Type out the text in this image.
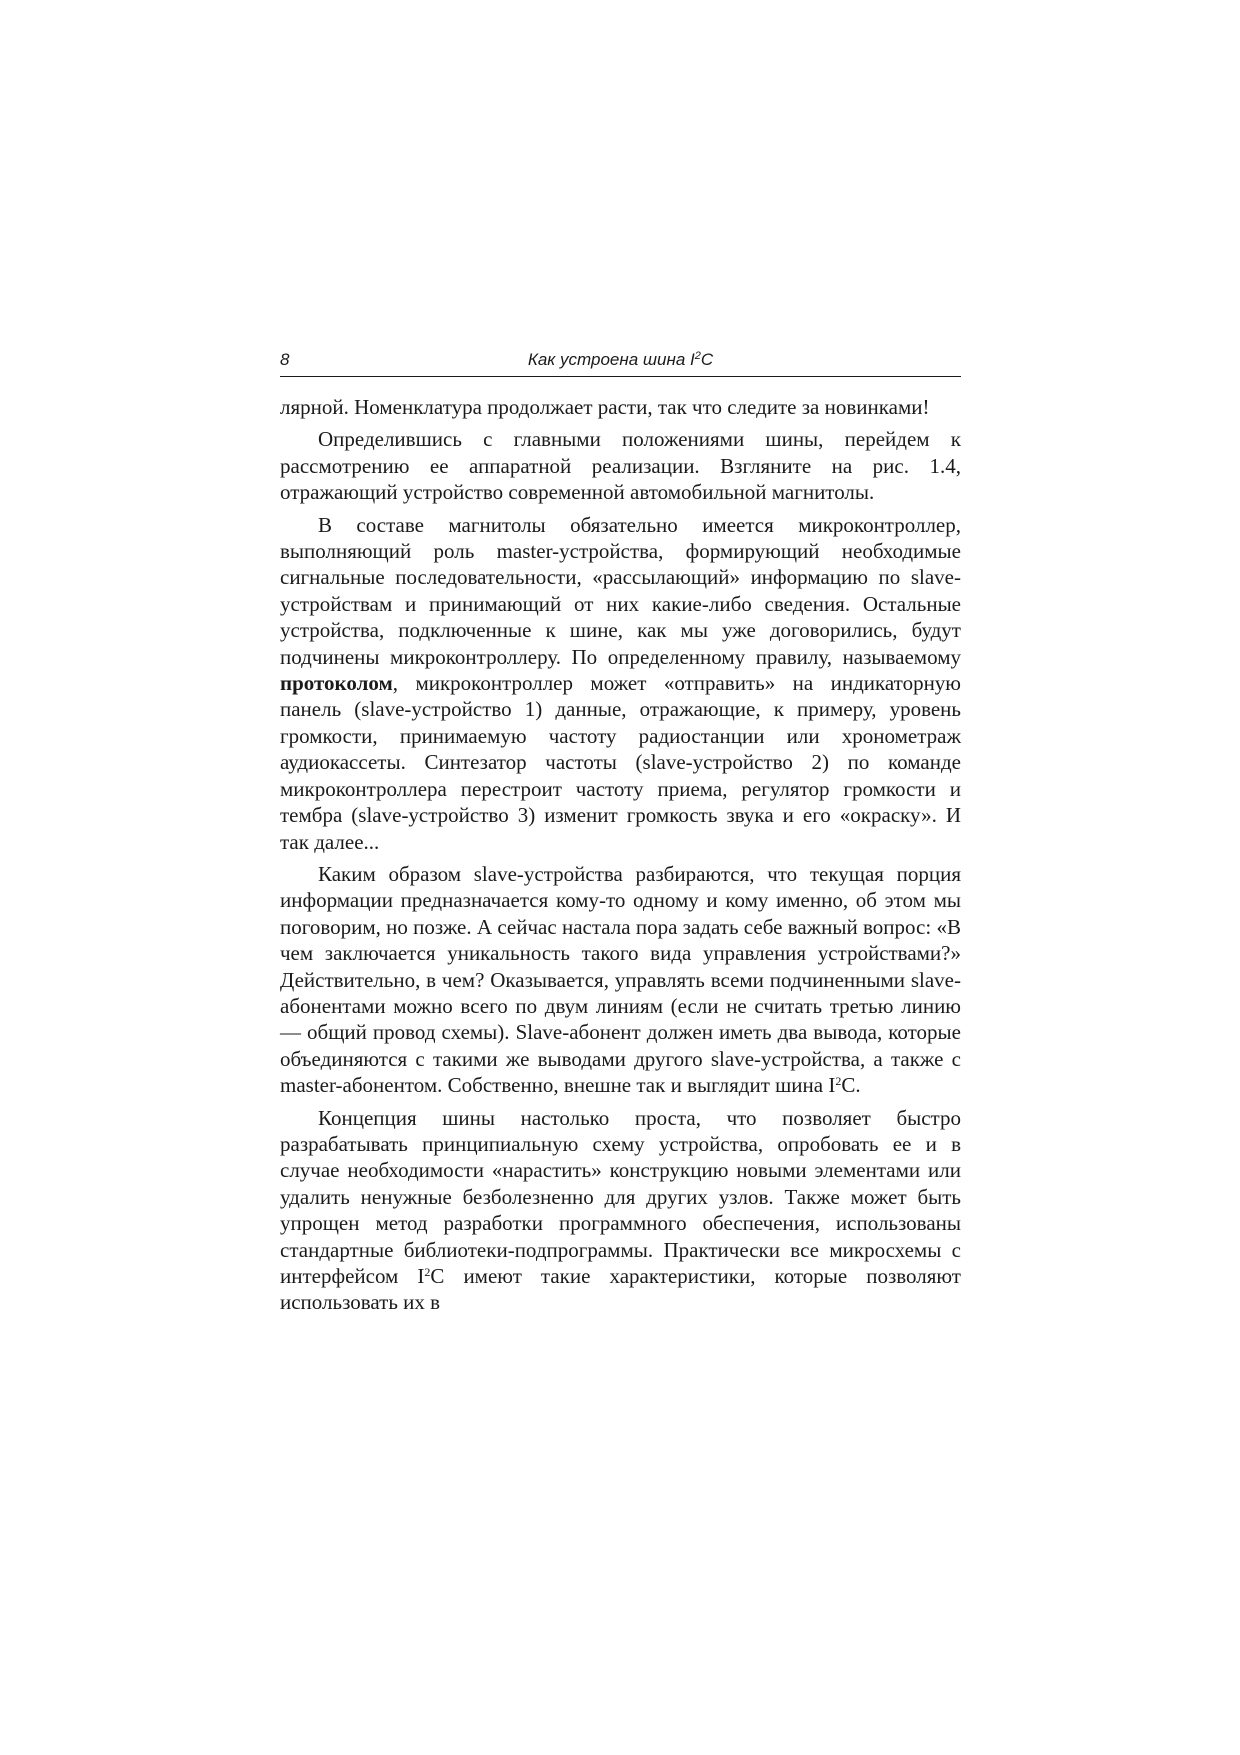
8	Как устроена шина $I^2C$

лярной. Номенклатура продолжает расти, так что следите за новинками!

Определившись с главными положениями шины, перейдем к рассмотрению ее аппаратной реализации. Взгляните на рис. 1.4, отражающий устройство современной автомобильной магнитолы.

В составе магнитолы обязательно имеется микроконтроллер, выполняющий роль master-устройства, формирующий необходимые сигнальные последовательности, «рассылающий» информацию по slave-устройствам и принимающий от них какие-либо сведения. Остальные устройства, подключенные к шине, как мы уже договорились, будут подчинены микроконтроллеру. По определенному правилу, называемому протоколом, микроконтроллер может «отправить» на индикаторную панель (slave-устройство 1) данные, отражающие, к примеру, уровень громкости, принимаемую частоту радиостанции или хронометраж аудиокассеты. Синтезатор частоты (slave-устройство 2) по команде микроконтроллера перестроит частоту приема, регулятор громкости и тембра (slave-устройство 3) изменит громкость звука и его «окраску». И так далее...

Каким образом slave-устройства разбираются, что текущая порция информации предназначается кому-то одному и кому именно, об этом мы поговорим, но позже. А сейчас настала пора задать себе важный вопрос: «В чем заключается уникальность такого вида управления устройствами?» Действительно, в чем? Оказывается, управлять всеми подчиненными slave-абонентами можно всего по двум линиям (если не считать третью линию — общий провод схемы). Slave-абонент должен иметь два вывода, которые объединяются с такими же выводами другого slave-устройства, а также с master-абонентом. Собственно, внешне так и выглядит шина $I^2C$.

Концепция шины настолько проста, что позволяет быстро разрабатывать принципиальную схему устройства, опробовать ее и в случае необходимости «нарастить» конструкцию новыми элементами или удалить ненужные безболезненно для других узлов. Также может быть упрощен метод разработки программного обеспечения, использованы стандартные библиотеки-подпрограммы. Практически все микросхемы с интерфейсом $I^2C$ имеют такие характеристики, которые позволяют использовать их в
